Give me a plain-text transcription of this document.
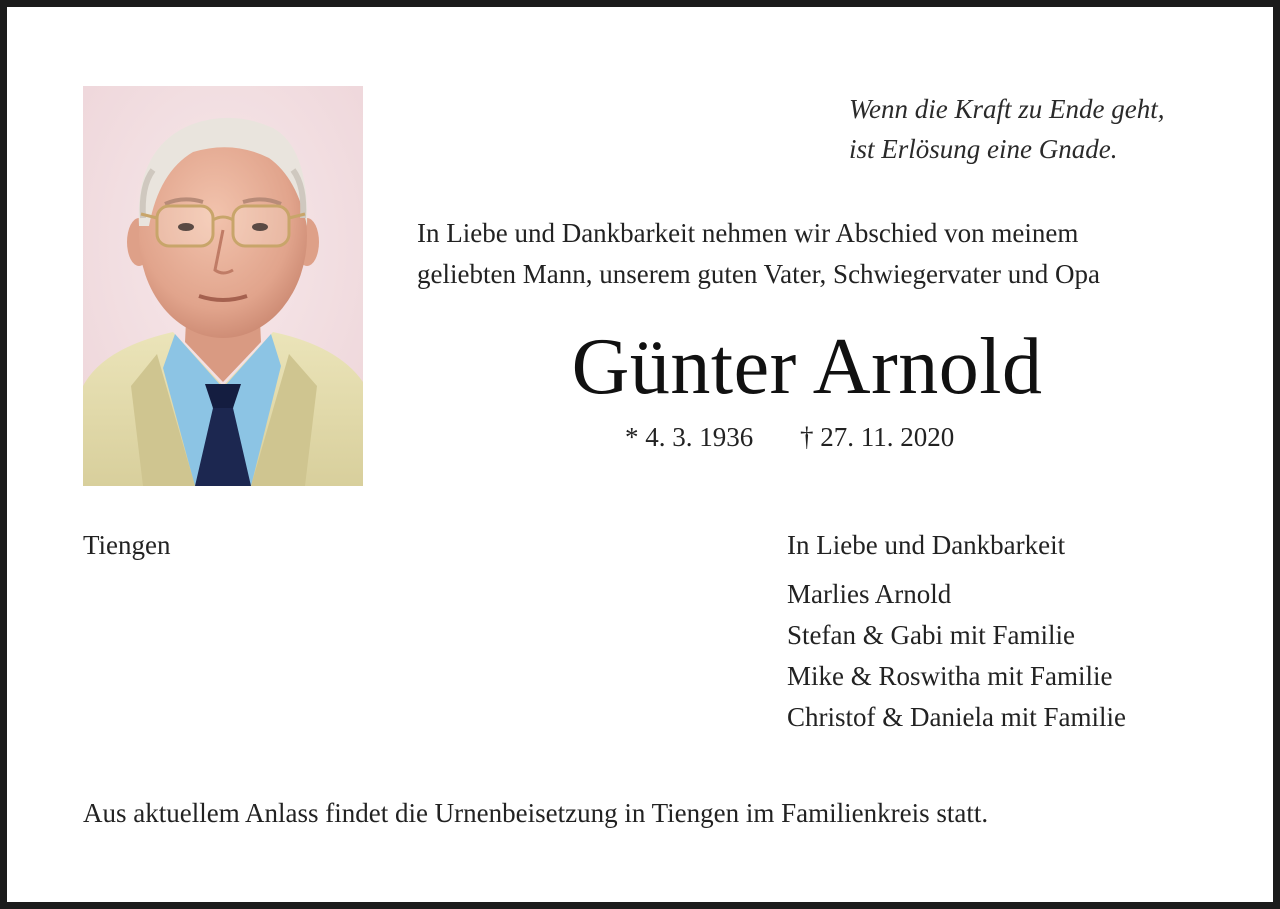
Wenn die Kraft zu Ende geht,
ist Erlösung eine Gnade.
In Liebe und Dankbarkeit nehmen wir Abschied von meinem
geliebten Mann, unserem guten Vater, Schwiegervater und Opa
Günter Arnold
* 4. 3. 1936 † 27. 11. 2020
Tiengen	In Liebe und Dankbarkeit
Marlies Arnold
Stefan & Gabi mit Familie
Mike & Roswitha mit Familie
Christof & Daniela mit Familie
Aus aktuellem Anlass findet die Urnenbeisetzung in Tiengen im Familienkreis statt.
